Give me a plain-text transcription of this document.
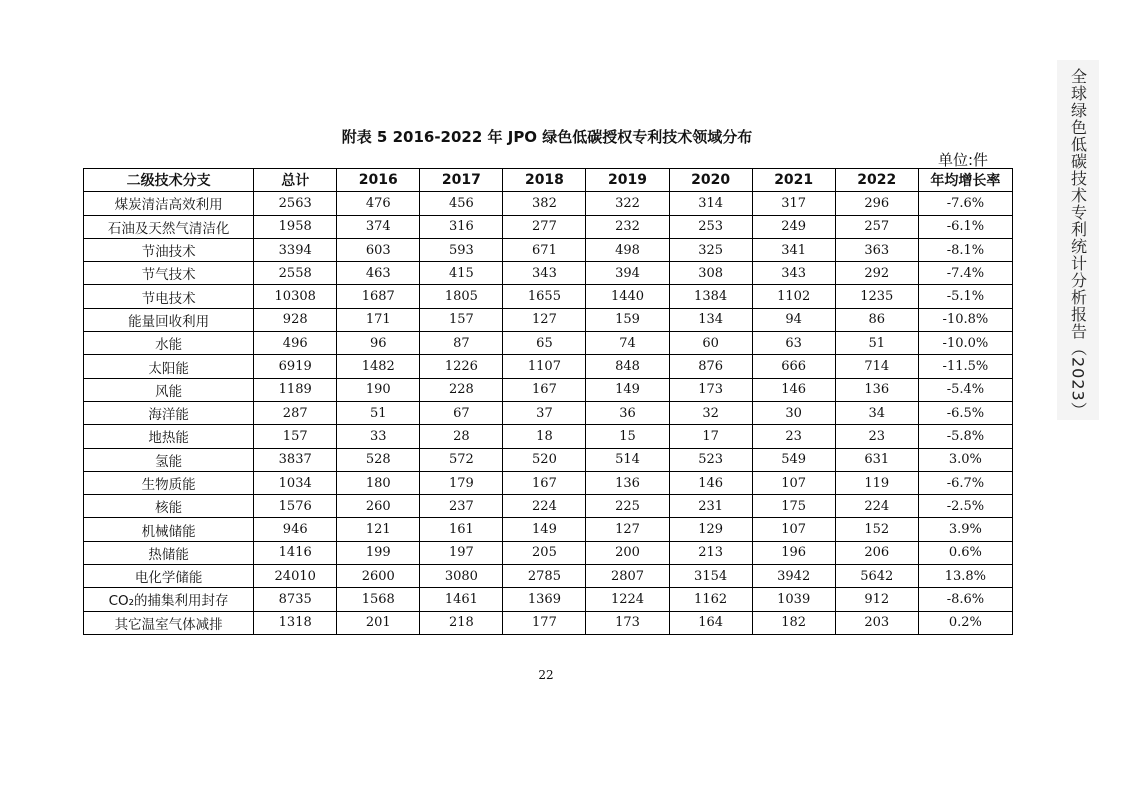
全球绿色低碳技术专利统计分析报告（2023）
附表 5 2016-2022 年 JPO 绿色低碳授权专利技术领域分布
单位:件
二级技术分支	总计	2016	2017	2018	2019	2020	2021	2022	年均增长率
煤炭清洁高效利用	2563	476	456	382	322	314	317	296	-7.6%
石油及天然气清洁化	1958	374	316	277	232	253	249	257	-6.1%
节油技术	3394	603	593	671	498	325	341	363	-8.1%
节气技术	2558	463	415	343	394	308	343	292	-7.4%
节电技术	10308	1687	1805	1655	1440	1384	1102	1235	-5.1%
能量回收利用	928	171	157	127	159	134	94	86	-10.8%
水能	496	96	87	65	74	60	63	51	-10.0%
太阳能	6919	1482	1226	1107	848	876	666	714	-11.5%
风能	1189	190	228	167	149	173	146	136	-5.4%
海洋能	287	51	67	37	36	32	30	34	-6.5%
地热能	157	33	28	18	15	17	23	23	-5.8%
氢能	3837	528	572	520	514	523	549	631	3.0%
生物质能	1034	180	179	167	136	146	107	119	-6.7%
核能	1576	260	237	224	225	231	175	224	-2.5%
机械储能	946	121	161	149	127	129	107	152	3.9%
热储能	1416	199	197	205	200	213	196	206	0.6%
电化学储能	24010	2600	3080	2785	2807	3154	3942	5642	13.8%
CO₂的捕集利用封存	8735	1568	1461	1369	1224	1162	1039	912	-8.6%
其它温室气体减排	1318	201	218	177	173	164	182	203	0.2%
22
